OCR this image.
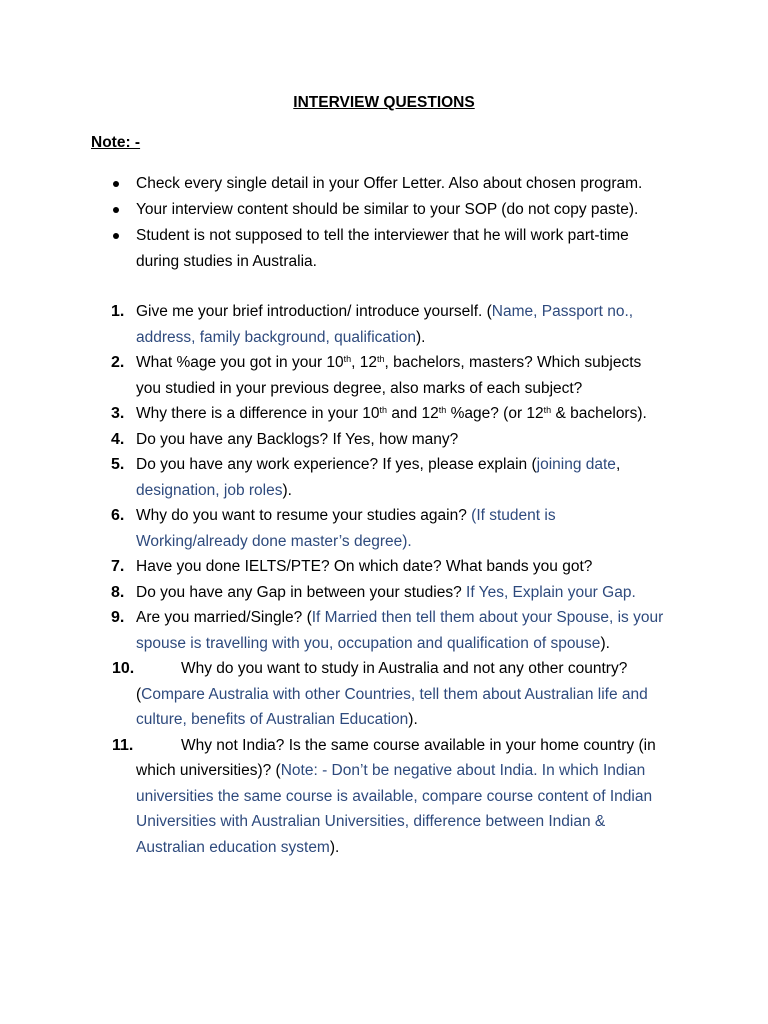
INTERVIEW QUESTIONS
Note: -
Check every single detail in your Offer Letter. Also about chosen program.
Your interview content should be similar to your SOP (do not copy paste).
Student is not supposed to tell the interviewer that he will work part-time during studies in Australia.
1. Give me your brief introduction/ introduce yourself. (Name, Passport no., address, family background, qualification).
2. What %age you got in your 10th, 12th, bachelors, masters? Which subjects you studied in your previous degree, also marks of each subject?
3. Why there is a difference in your 10th and 12th %age? (or 12th & bachelors).
4. Do you have any Backlogs? If Yes, how many?
5. Do you have any work experience? If yes, please explain (joining date, designation, job roles).
6. Why do you want to resume your studies again? (If student is Working/already done master’s degree).
7. Have you done IELTS/PTE? On which date? What bands you got?
8. Do you have any Gap in between your studies? If Yes, Explain your Gap.
9. Are you married/Single? (If Married then tell them about your Spouse, is your spouse is travelling with you, occupation and qualification of spouse).
10.	Why do you want to study in Australia and not any other country? (Compare Australia with other Countries, tell them about Australian life and culture, benefits of Australian Education).
11.	Why not India? Is the same course available in your home country (in which universities)? (Note: - Don’t be negative about India. In which Indian universities the same course is available, compare course content of Indian Universities with Australian Universities, difference between Indian & Australian education system).
